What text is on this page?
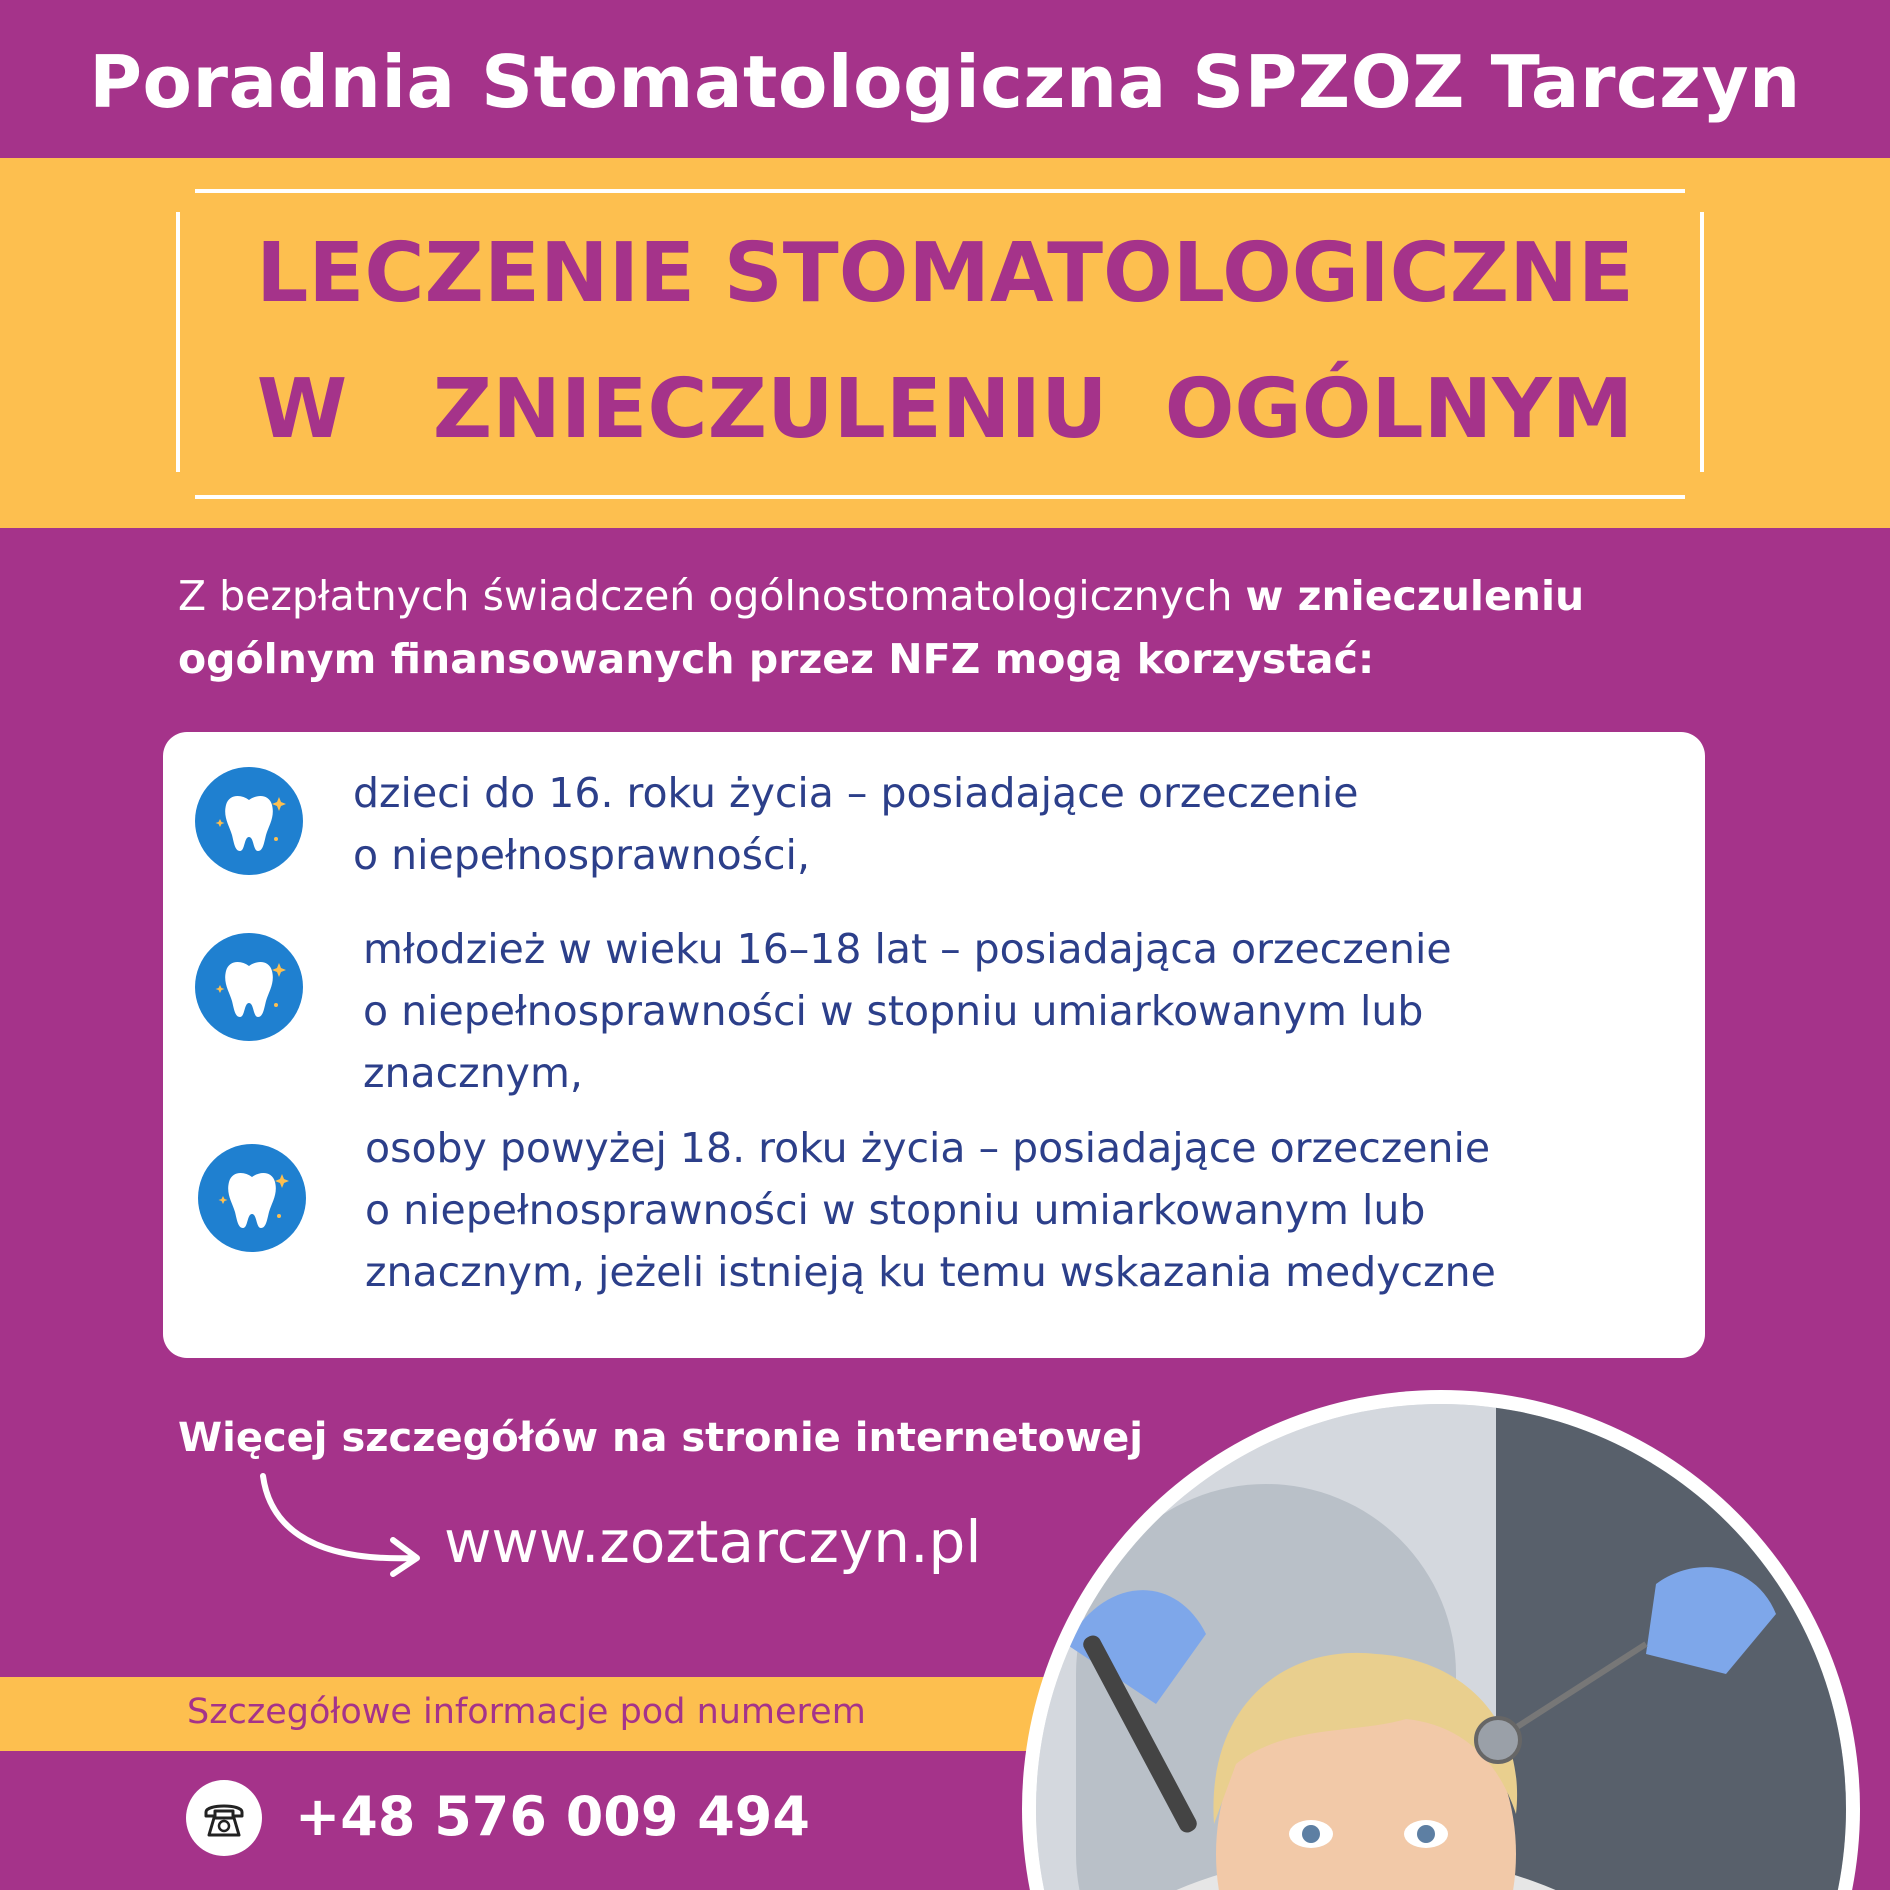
Poradnia Stomatologiczna SPZOZ Tarczyn
LECZENIE STOMATOLOGICZNE
W   ZNIECZULENIU  OGÓLNYM
Z bezpłatnych świadczeń ogólnostomatologicznych w znieczuleniu
ogólnym finansowanych przez NFZ mogą korzystać:
dzieci do 16. roku życia – posiadające orzeczenie
o niepełnosprawności,
młodzież w wieku 16–18 lat – posiadająca orzeczenie
o niepełnosprawności w stopniu umiarkowanym lub
znacznym,
osoby powyżej 18. roku życia – posiadające orzeczenie
o niepełnosprawności w stopniu umiarkowanym lub
znacznym, jeżeli istnieją ku temu wskazania medyczne
Więcej szczegółów na stronie internetowej
www.zoztarczyn.pl
Szczegółowe informacje pod numerem
+48 576 009 494
